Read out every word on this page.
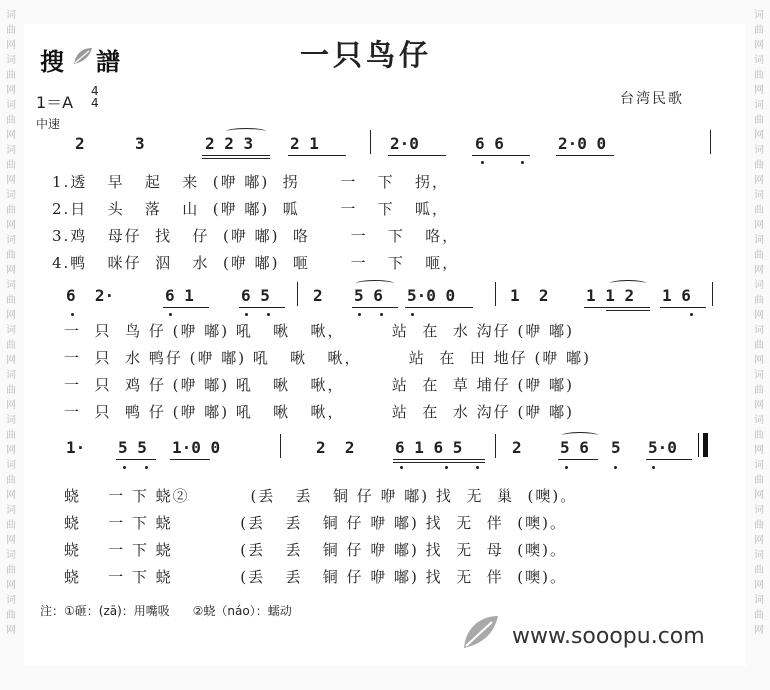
词
曲
网
词
曲
网
词
曲
网
词
曲
网
词
曲
网
词
曲
网
词
曲
网
词
曲
网
词
曲
网
词
曲
网
词
曲
网
词
曲
网
词
曲
网
词
曲
网
词
曲
网
词
曲
网
词
曲
网
词
曲
网
词
曲
网
词
曲
网
词
曲
网
词
曲
网
词
曲
网
词
曲
网
词
曲
网
词
曲
网
词
曲
网
词
曲
网
搜 譜	一只鸟仔
1＝A
4
4
中速
台湾民歌
2	3	2 2 3 2 1	2·0	6 6	2·0 0
1.透   早   起   来  (咿 嘟)  拐      一   下   拐，
2.日   头   落   山  (咿 嘟)  呱      一   下   呱，
3.鸡   母仔  找   仔  (咿 嘟)  咯      一   下   咯，
4.鸭   咪仔  泅   水  (咿 嘟)  咂      一   下   咂，
6  2·	6 1	6 5	2 5 6 5·0 0	1  2 1 1 2 1 6
一  只  鸟 仔 (咿 嘟) 吼   啾   啾，       站  在  水 沟仔 (咿 嘟)
一  只  水 鸭仔 (咿 嘟) 吼   啾   啾，       站  在  田 地仔 (咿 嘟)
一  只  鸡 仔 (咿 嘟) 吼   啾   啾，       站  在  草 埔仔 (咿 嘟)
一  只  鸭 仔 (咿 嘟) 吼   啾   啾，       站  在  水 沟仔 (咿 嘟)
1· 5 5 1·0 0	2  2	6 1 6 5	2 5 6 5 5·0
蛲    一 下 蛲②         (丢   丢   铜 仔 咿 嘟) 找  无  巢  (噢)。
蛲    一 下 蛲          (丢   丢   铜 仔 咿 嘟) 找  无  伴  (噢)。
蛲    一 下 蛲          (丢   丢   铜 仔 咿 嘟) 找  无  母  (噢)。
蛲    一 下 蛲          (丢   丢   铜 仔 咿 嘟) 找  无  伴  (噢)。
注：①砸：(zā)：用嘴吸      ②蛲（náo）：蠕动
www.sooopu.com
